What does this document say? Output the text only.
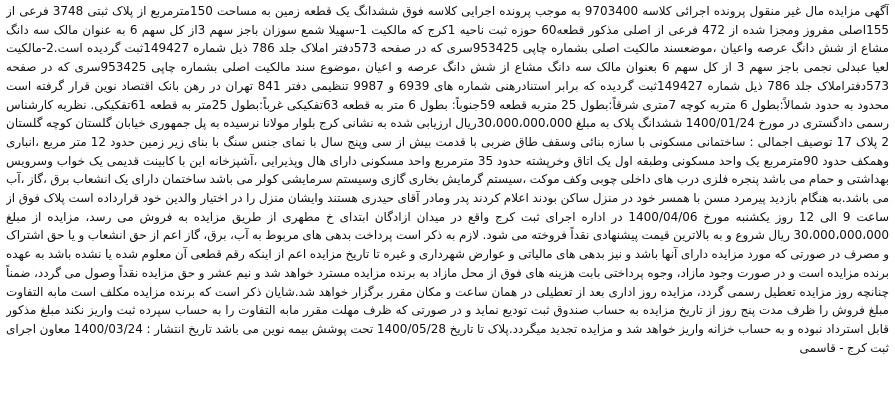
آگهی مزایده مال غیر منقول پرونده اجرائی کلاسه 9703400 به موجب پرونده اجرایی کلاسه فوق ششدانگ یک قطعه زمین به مساحت 150مترمربع از پلاک ثبتی 3748 فرعی از 155اصلی مفروز ومجزا شده از 472 فرعی از اصلی مذکور قطعه60 حوزه ثبت ناحیه 1کرج که مالکیت 1-سهیلا شمع سوزان باجز سهم 3از کل سهم 6 به عنوان مالک سه دانگ مشاع از شش دانگ عرصه واعیان ،موضعسند مالکیت اصلی بشماره چاپی 953425سری که در صفحه 573دفتر املاک جلد 786 ذیل شماره 149427ثبت گردیده است.2-مالکیت لعیا عبدلی نجمی باجز سهم 3 از کل سهم 6 بعنوان مالک سه دانگ مشاع از شش دانگ عرصه و اعیان ،موضوع سند مالکیت اصلی بشماره چاپی 953425سری که در صفحه 573دفتراملاک جلد 786 ذیل شماره 149427ثبت گردیده که برابر استنادرهنی شماره های 6939 و 9987 تنظیمی دفتر 841 تهران در رهن بانک اقتصاد نوین قرار گرفته است محدود به حدود شمالاً:بطول 6 متربه کوچه 7متری شرقاً:بطول 25 متربه قطعه 59جنوباً: بطول 6 متر به قطعه 63تفکیکی غرباً:بطول 25متر به قطعه 61تفکیکی. نظریه کارشناس رسمی دادگستری در مورخ 1400/01/24 ششدانگ پلاک به مبلغ 30،000،000،000ریال ارزیابی شده به نشانی کرج بلوار مولانا نرسیده به پل جمهوری خیابان گلستان کوچه گلستان 2 پلاک 17 توصیف اجمالی : ساختمانی مسکونی با سازه بنائی وسقف طاق ضربی با قدمت بیش از سی وپنج سال با نمای جنس سنگ با بنای زیر زمین حدود 12 متر مربع ،انباری وهمکف حدود 90مترمربع یک واحد مسکونی وطبقه اول یک اتاق وخرپشته حدود 35 مترمربع واحد مسکونی دارای هال وپذیرایی ،آشپزخانه این با کابینت قدیمی یک خواب وسرویس بهداشتی و حمام می باشد پنجره فلزی درب های داخلی چوبی وکف موکت ،سیستم گرمایش بخاری گازی وسیستم سرمایشی کولر می باشد ساختمان دارای یک انشعاب برق ،گاز ،آب می باشد.به هنگام بازدید پیرمرد مسن با همسر خود در منزل ساکن بودند اعلام کردند پدر ومادر آقای حیدری هستند وایشان منزل را در اختیار والدین خود قرارداده است پلاک فوق از ساعت 9 الی 12 روز یکشنبه مورخ 1400/04/06 در اداره اجرای ثبت کرج واقع در میدان ازادگان ابتدای خ مطهری از طریق مزایده به فروش می رسد، مزایده از مبلغ 30،000،000،000 ریال شروع و به بالاترین قیمت پیشنهادی نقداً فروخته می شود. لازم به ذکر است پرداخت بدهی های مربوط به آب، برق، گاز اعم از حق انشعاب و یا حق اشتراک و مصرف در صورتی که مورد مزایده دارای آنها باشد و نیز بدهی های مالیاتی و عوارض شهرداری و غیره تا تاریخ مزایده اعم از اینکه رقم قطعی آن معلوم شده یا نشده باشد به عهده برنده مزایده است و در صورت وجود مازاد، وجوه پرداختی بابت هزینه های فوق از محل مازاد به برنده مزایده مسترد خواهد شد و نیم عشر و حق مزایده نقداً وصول می گردد، ضمناً چنانچه روز مزایده تعطیل رسمی گردد، مزایده روز اداری بعد از تعطیلی در همان ساعت و مکان مقرر برگزار خواهد شد.شایان ذکر است که برنده مزایده مکلف است مابه التفاوت مبلغ فروش را ظرف مدت پنج روز از تاریخ مزایده به حساب صندوق ثبت تودیع نماید و در صورتی که ظرف مهلت مقرر مابه التفاوت را به حساب سپرده ثبت واریز نکند مبلغ مذکور قابل استرداد نبوده و به حساب خزانه واریز خواهد شد و مزایده تجدید میگردد.پلاک تا تاریخ 1400/05/28 تحت پوشش بیمه نوین می باشد تاریخ انتشار : 1400/03/24 معاون اجرای ثبت کرج - قاسمی
